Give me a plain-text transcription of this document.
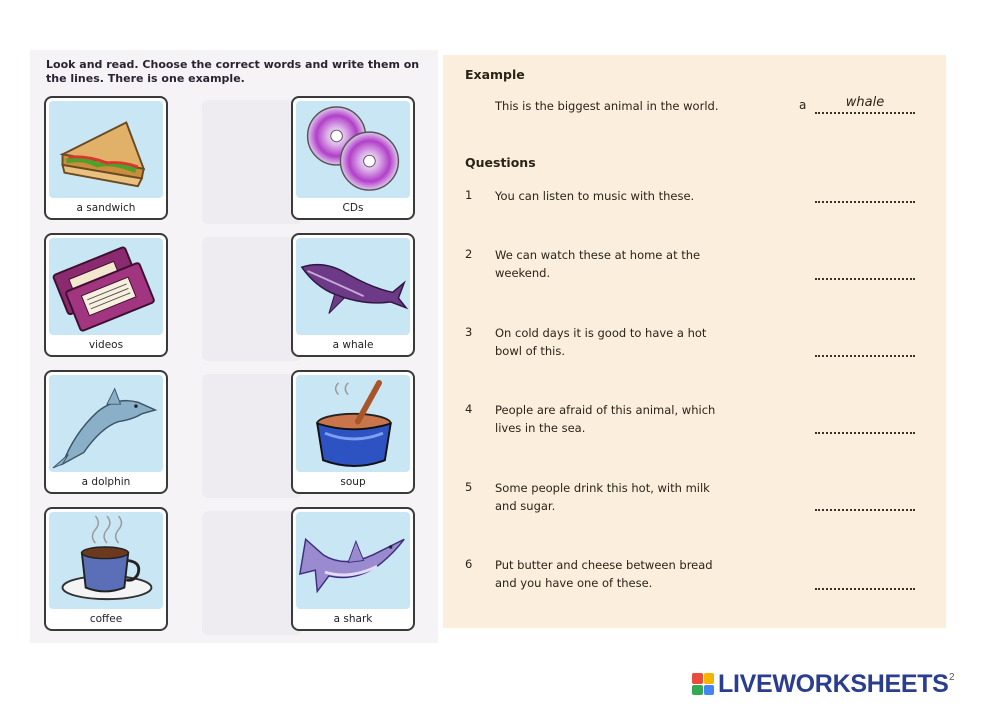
Look and read. Choose the correct words and write them on the lines. There is one example.
a sandwich	CDs
videos	a whale
a dolphin	soup
coffee	a shark
Example
This is the biggest animal in the world.	a	whale
Questions
1 You can listen to music with these.
2 We can watch these at home at the weekend.
3 On cold days it is good to have a hot bowl of this.
4 People are afraid of this animal, which lives in the sea.
5 Some people drink this hot, with milk and sugar.
6 Put butter and cheese between bread and you have one of these.
LIVEWORKSHEETS 2
